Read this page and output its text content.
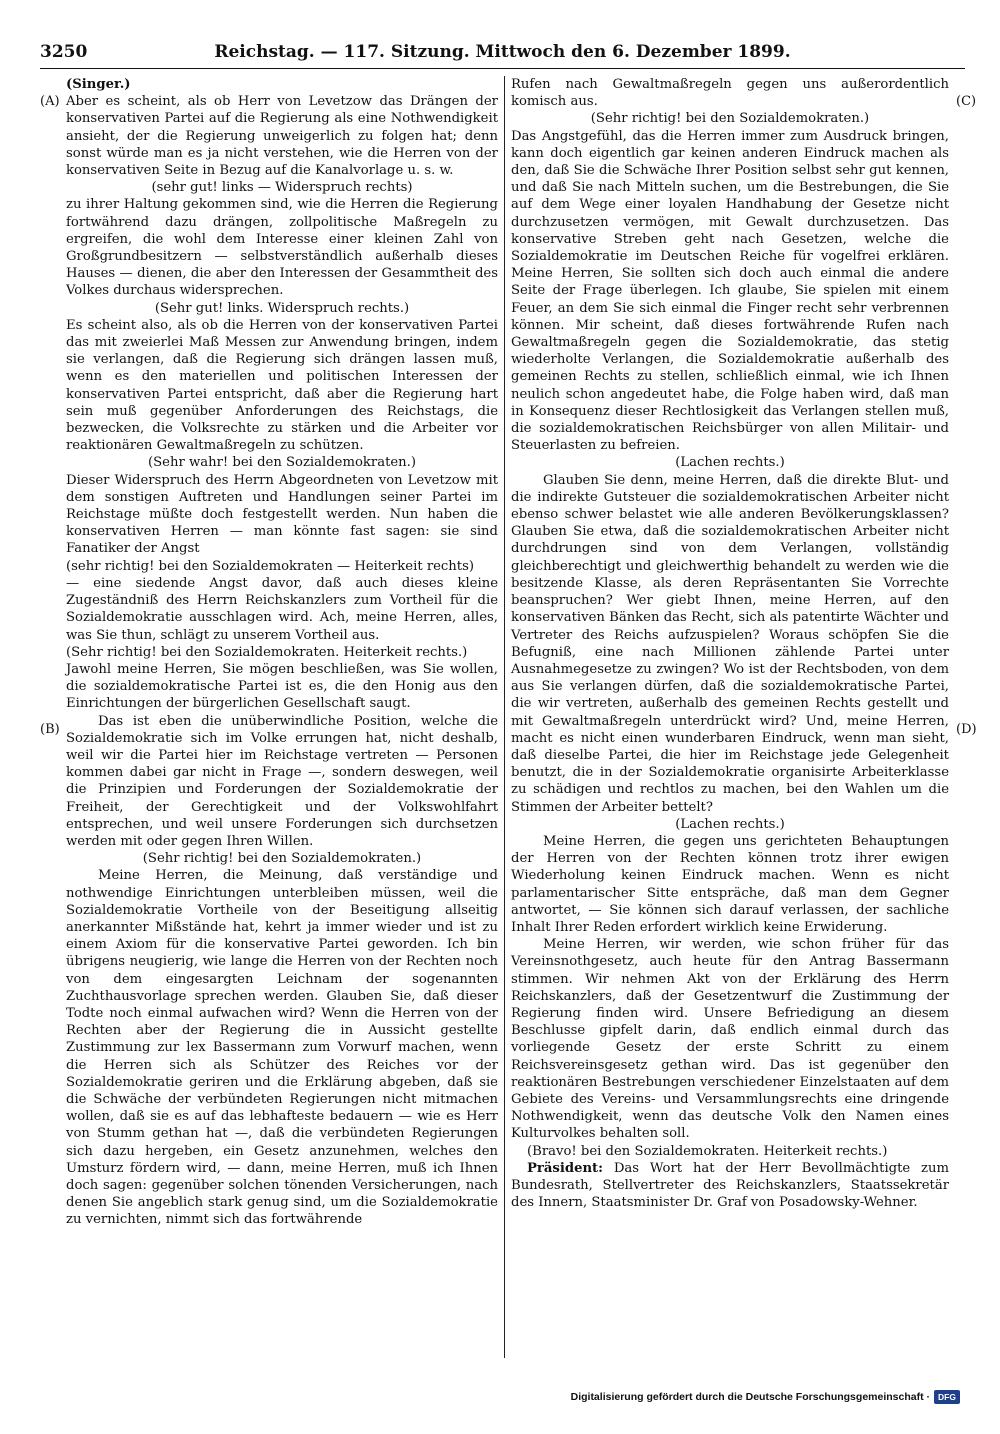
3250	Reichstag. — 117. Sitzung. Mittwoch den 6. Dezember 1899.
(A)
(B)
(C)
(D)

(Singer.)

Aber es scheint, als ob Herr von Levetzow das Drängen der konservativen Partei auf die Regierung als eine Nothwendigkeit ansieht, der die Regierung unweigerlich zu folgen hat; denn sonst würde man es ja nicht verstehen, wie die Herren von der konservativen Seite in Bezug auf die Kanalvorlage u. s. w.

(sehr gut! links — Widerspruch rechts)

zu ihrer Haltung gekommen sind, wie die Herren die Regierung fortwährend dazu drängen, zollpolitische Maßregeln zu ergreifen, die wohl dem Interesse einer kleinen Zahl von Großgrundbesitzern — selbstverständlich außerhalb dieses Hauses — dienen, die aber den Interessen der Gesammtheit des Volkes durchaus widersprechen.

(Sehr gut! links. Widerspruch rechts.)

Es scheint also, als ob die Herren von der konservativen Partei das mit zweierlei Maß Messen zur Anwendung bringen, indem sie verlangen, daß die Regierung sich drängen lassen muß, wenn es den materiellen und politischen Interessen der konservativen Partei entspricht, daß aber die Regierung hart sein muß gegenüber Anforderungen des Reichstags, die bezwecken, die Volksrechte zu stärken und die Arbeiter vor reaktionären Gewaltmaßregeln zu schützen.

(Sehr wahr! bei den Sozialdemokraten.)

Dieser Widerspruch des Herrn Abgeordneten von Levetzow mit dem sonstigen Auftreten und Handlungen seiner Partei im Reichstage müßte doch festgestellt werden. Nun haben die konservativen Herren — man könnte fast sagen: sie sind Fanatiker der Angst

(sehr richtig! bei den Sozialdemokraten — Heiterkeit rechts)

— eine siedende Angst davor, daß auch dieses kleine Zugeständniß des Herrn Reichskanzlers zum Vortheil für die Sozialdemokratie ausschlagen wird. Ach, meine Herren, alles, was Sie thun, schlägt zu unserem Vortheil aus.

(Sehr richtig! bei den Sozialdemokraten. Heiterkeit rechts.)

Jawohl meine Herren, Sie mögen beschließen, was Sie wollen, die sozialdemokratische Partei ist es, die den Honig aus den Einrichtungen der bürgerlichen Gesellschaft saugt.

Das ist eben die unüberwindliche Position, welche die Sozialdemokratie sich im Volke errungen hat, nicht deshalb, weil wir die Partei hier im Reichstage vertreten — Personen kommen dabei gar nicht in Frage —, sondern deswegen, weil die Prinzipien und Forderungen der Sozialdemokratie der Freiheit, der Gerechtigkeit und der Volkswohlfahrt entsprechen, und weil unsere Forderungen sich durchsetzen werden mit oder gegen Ihren Willen.

(Sehr richtig! bei den Sozialdemokraten.)

Meine Herren, die Meinung, daß verständige und nothwendige Einrichtungen unterbleiben müssen, weil die Sozialdemokratie Vortheile von der Beseitigung allseitig anerkannter Mißstände hat, kehrt ja immer wieder und ist zu einem Axiom für die konservative Partei geworden. Ich bin übrigens neugierig, wie lange die Herren von der Rechten noch von dem eingesargten Leichnam der sogenannten Zuchthausvorlage sprechen werden. Glauben Sie, daß dieser Todte noch einmal aufwachen wird? Wenn die Herren von der Rechten aber der Regierung die in Aussicht gestellte Zustimmung zur lex Bassermann zum Vorwurf machen, wenn die Herren sich als Schützer des Reiches vor der Sozialdemokratie geriren und die Erklärung abgeben, daß sie die Schwäche der verbündeten Regierungen nicht mitmachen wollen, daß sie es auf das lebhafteste bedauern — wie es Herr von Stumm gethan hat —, daß die verbündeten Regierungen sich dazu hergeben, ein Gesetz anzunehmen, welches den Umsturz fördern wird, — dann, meine Herren, muß ich Ihnen doch sagen: gegenüber solchen tönenden Versicherungen, nach denen Sie angeblich stark genug sind, um die Sozialdemokratie zu vernichten, nimmt sich das fortwährende

Rufen nach Gewaltmaßregeln gegen uns außerordentlich komisch aus.

(Sehr richtig! bei den Sozialdemokraten.)

Das Angstgefühl, das die Herren immer zum Ausdruck bringen, kann doch eigentlich gar keinen anderen Eindruck machen als den, daß Sie die Schwäche Ihrer Position selbst sehr gut kennen, und daß Sie nach Mitteln suchen, um die Bestrebungen, die Sie auf dem Wege einer loyalen Handhabung der Gesetze nicht durchzusetzen vermögen, mit Gewalt durchzusetzen. Das konservative Streben geht nach Gesetzen, welche die Sozialdemokratie im Deutschen Reiche für vogelfrei erklären. Meine Herren, Sie sollten sich doch auch einmal die andere Seite der Frage überlegen. Ich glaube, Sie spielen mit einem Feuer, an dem Sie sich einmal die Finger recht sehr verbrennen können. Mir scheint, daß dieses fortwährende Rufen nach Gewaltmaßregeln gegen die Sozialdemokratie, das stetig wiederholte Verlangen, die Sozialdemokratie außerhalb des gemeinen Rechts zu stellen, schließlich einmal, wie ich Ihnen neulich schon angedeutet habe, die Folge haben wird, daß man in Konsequenz dieser Rechtlosigkeit das Verlangen stellen muß, die sozialdemokratischen Reichsbürger von allen Militair- und Steuerlasten zu befreien.

(Lachen rechts.)

Glauben Sie denn, meine Herren, daß die direkte Blut- und die indirekte Gutsteuer die sozialdemokratischen Arbeiter nicht ebenso schwer belastet wie alle anderen Bevölkerungsklassen? Glauben Sie etwa, daß die sozialdemokratischen Arbeiter nicht durchdrungen sind von dem Verlangen, vollständig gleichberechtigt und gleichwerthig behandelt zu werden wie die besitzende Klasse, als deren Repräsentanten Sie Vorrechte beanspruchen? Wer giebt Ihnen, meine Herren, auf den konservativen Bänken das Recht, sich als patentirte Wächter und Vertreter des Reichs aufzuspielen? Woraus schöpfen Sie die Befugniß, eine nach Millionen zählende Partei unter Ausnahmegesetze zu zwingen? Wo ist der Rechtsboden, von dem aus Sie verlangen dürfen, daß die sozialdemokratische Partei, die wir vertreten, außerhalb des gemeinen Rechts gestellt und mit Gewaltmaßregeln unterdrückt wird? Und, meine Herren, macht es nicht einen wunderbaren Eindruck, wenn man sieht, daß dieselbe Partei, die hier im Reichstage jede Gelegenheit benutzt, die in der Sozialdemokratie organisirte Arbeiterklasse zu schädigen und rechtlos zu machen, bei den Wahlen um die Stimmen der Arbeiter bettelt?

(Lachen rechts.)

Meine Herren, die gegen uns gerichteten Behauptungen der Herren von der Rechten können trotz ihrer ewigen Wiederholung keinen Eindruck machen. Wenn es nicht parlamentarischer Sitte entspräche, daß man dem Gegner antwortet, — Sie können sich darauf verlassen, der sachliche Inhalt Ihrer Reden erfordert wirklich keine Erwiderung.

Meine Herren, wir werden, wie schon früher für das Vereinsnothgesetz, auch heute für den Antrag Bassermann stimmen. Wir nehmen Akt von der Erklärung des Herrn Reichskanzlers, daß der Gesetzentwurf die Zustimmung der Regierung finden wird. Unsere Befriedigung an diesem Beschlusse gipfelt darin, daß endlich einmal durch das vorliegende Gesetz der erste Schritt zu einem Reichsvereinsgesetz gethan wird. Das ist gegenüber den reaktionären Bestrebungen verschiedener Einzelstaaten auf dem Gebiete des Vereins- und Versammlungsrechts eine dringende Nothwendigkeit, wenn das deutsche Volk den Namen eines Kulturvolkes behalten soll.

(Bravo! bei den Sozialdemokraten. Heiterkeit rechts.)

Präsident: Das Wort hat der Herr Bevollmächtigte zum Bundesrath, Stellvertreter des Reichskanzlers, Staatssekretär des Innern, Staatsminister Dr. Graf von Posadowsky-Wehner.

Digitalisierung gefördert durch die Deutsche Forschungsgemeinschaft · DFG
